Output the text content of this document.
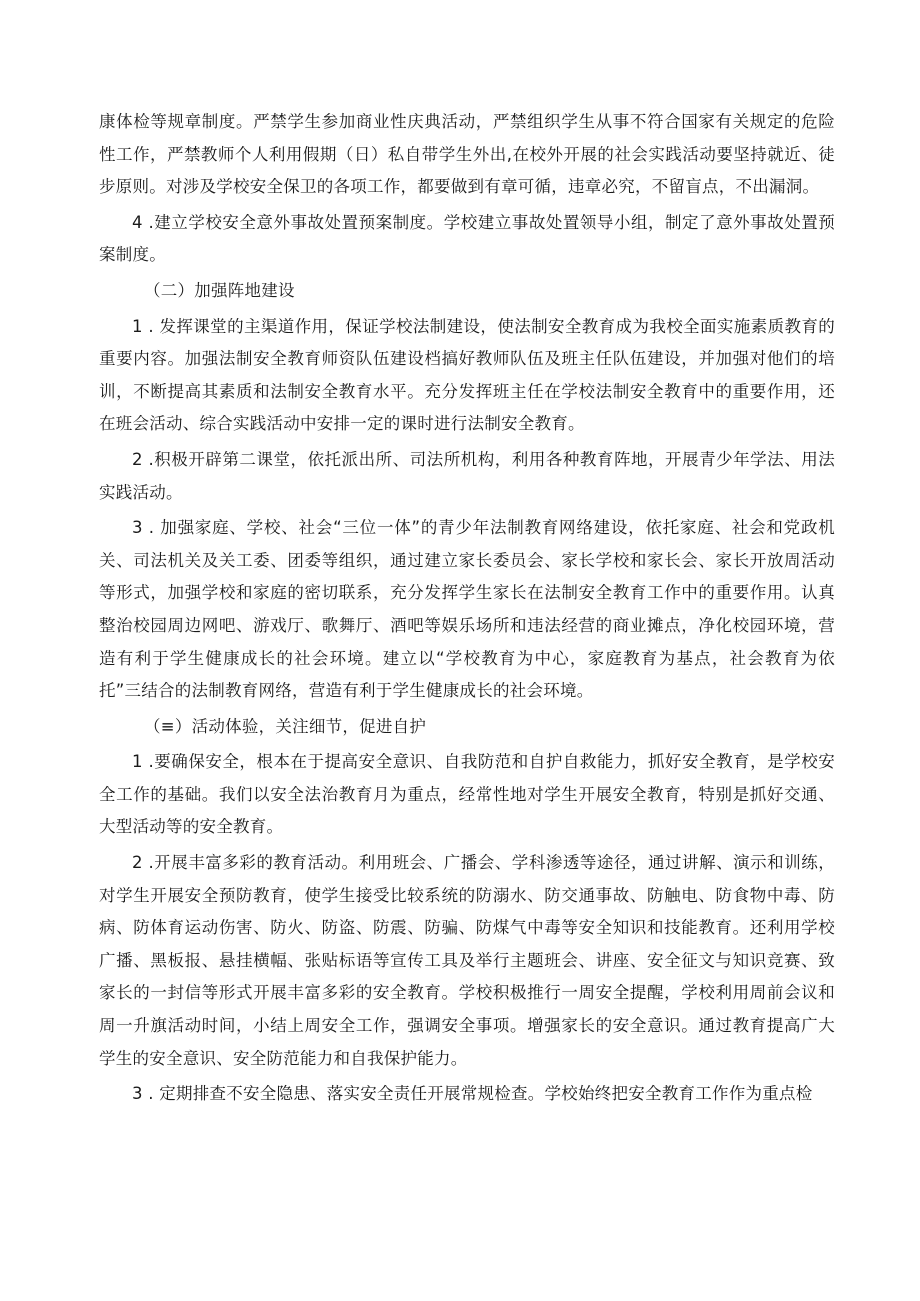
康体检等规章制度。严禁学生参加商业性庆典活动，严禁组织学生从事不符合国家有关规定的危险性工作，严禁教师个人利用假期（日）私自带学生外出,在校外开展的社会实践活动要坚持就近、徒步原则。对涉及学校安全保卫的各项工作，都要做到有章可循，违章必究，不留盲点，不出漏洞。

4 .建立学校安全意外事故处置预案制度。学校建立事故处置领导小组，制定了意外事故处置预案制度。

（二）加强阵地建设

1 . 发挥课堂的主渠道作用，保证学校法制建设，使法制安全教育成为我校全面实施素质教育的重要内容。加强法制安全教育师资队伍建设档搞好教师队伍及班主任队伍建设，并加强对他们的培训，不断提高其素质和法制安全教育水平。充分发挥班主任在学校法制安全教育中的重要作用，还在班会活动、综合实践活动中安排一定的课时进行法制安全教育。

2 .积极开辟第二课堂，依托派出所、司法所机构，利用各种教育阵地，开展青少年学法、用法实践活动。

3 . 加强家庭、学校、社会“三位一体”的青少年法制教育网络建设，依托家庭、社会和党政机关、司法机关及关工委、团委等组织，通过建立家长委员会、家长学校和家长会、家长开放周活动等形式，加强学校和家庭的密切联系，充分发挥学生家长在法制安全教育工作中的重要作用。认真整治校园周边网吧、游戏厅、歌舞厅、酒吧等娱乐场所和违法经营的商业摊点，净化校园环境，营造有利于学生健康成长的社会环境。建立以“学校教育为中心，家庭教育为基点，社会教育为依托”三结合的法制教育网络，营造有利于学生健康成长的社会环境。

（≡）活动体验，关注细节，促进自护

1 .要确保安全，根本在于提高安全意识、自我防范和自护自救能力，抓好安全教育，是学校安全工作的基础。我们以安全法治教育月为重点，经常性地对学生开展安全教育，特别是抓好交通、大型活动等的安全教育。

2 .开展丰富多彩的教育活动。利用班会、广播会、学科渗透等途径，通过讲解、演示和训练，对学生开展安全预防教育，使学生接受比较系统的防溺水、防交通事故、防触电、防食物中毒、防病、防体育运动伤害、防火、防盗、防震、防骗、防煤气中毒等安全知识和技能教育。还利用学校广播、黑板报、悬挂横幅、张贴标语等宣传工具及举行主题班会、讲座、安全征文与知识竞赛、致家长的一封信等形式开展丰富多彩的安全教育。学校积极推行一周安全提醒，学校利用周前会议和周一升旗活动时间，小结上周安全工作，强调安全事项。增强家长的安全意识。通过教育提高广大学生的安全意识、安全防范能力和自我保护能力。

3 . 定期排查不安全隐患、落实安全责任开展常规检查。学校始终把安全教育工作作为重点检
